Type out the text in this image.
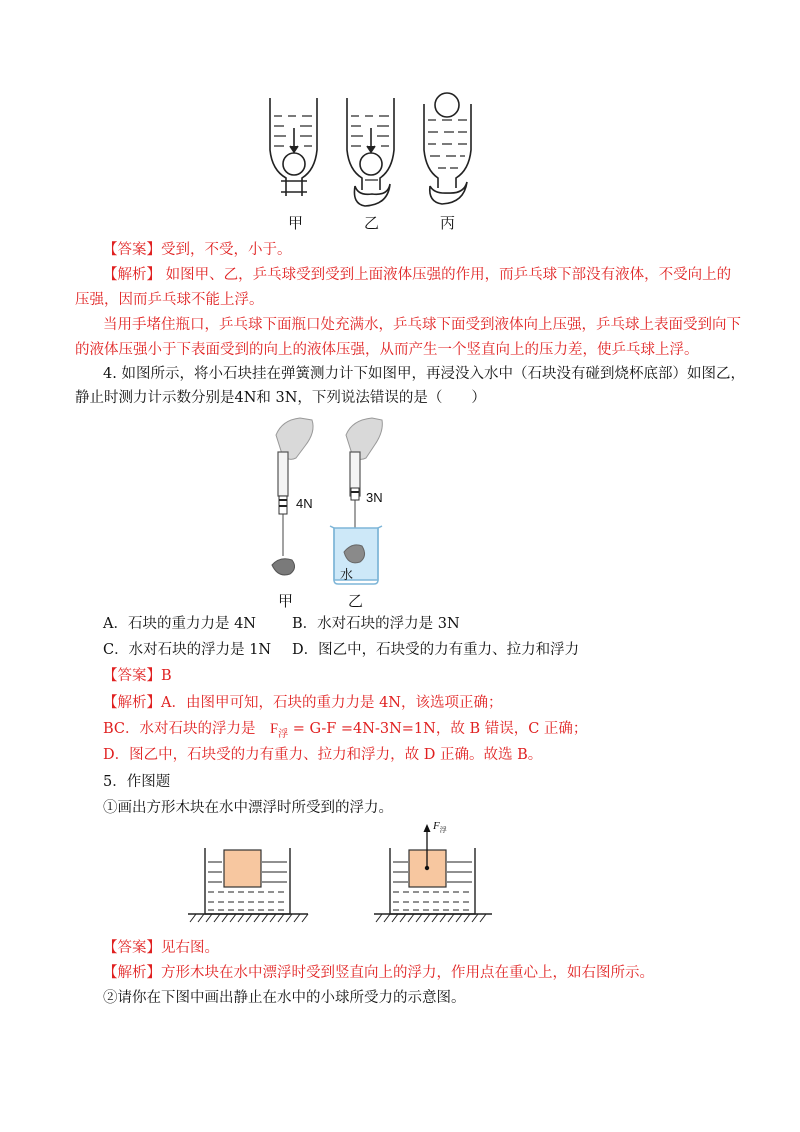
甲	乙	丙
【答案】受到，不受，小于。
【解析】 如图甲、乙，乒乓球受到受到上面液体压强的作用，而乒乓球下部没有液体，不受向上的
压强，因而乒乓球不能上浮。
当用手堵住瓶口，乒乓球下面瓶口处充满水，乒乓球下面受到液体向上压强，乒乓球上表面受到向下
的液体压强小于下表面受到的向上的液体压强，从而产生一个竖直向上的压力差，使乒乓球上浮。
4. 如图所示，将小石块挂在弹簧测力计下如图甲，再浸没入水中（石块没有碰到烧杯底部）如图乙，
静止时测力计示数分别是4N和 3N，下列说法错误的是（　　）
4N	3N
水
甲	乙
A．石块的重力力是 4N B．水对石块的浮力是 3N
C．水对石块的浮力是 1N D．图乙中，石块受的力有重力、拉力和浮力
【答案】B
【解析】A．由图甲可知，石块的重力力是 4N，该选项正确；
BC．水对石块的浮力是　$F_浮 = G-F =4N-3N=1N$，故 B 错误，C 正确；
D．图乙中，石块受的力有重力、拉力和浮力，故 D 正确。故选 B。
5．作图题
①画出方形木块在水中漂浮时所受到的浮力。
$F_浮$
【答案】见右图。
【解析】方形木块在水中漂浮时受到竖直向上的浮力，作用点在重心上，如右图所示。
②请你在下图中画出静止在水中的小球所受力的示意图。
